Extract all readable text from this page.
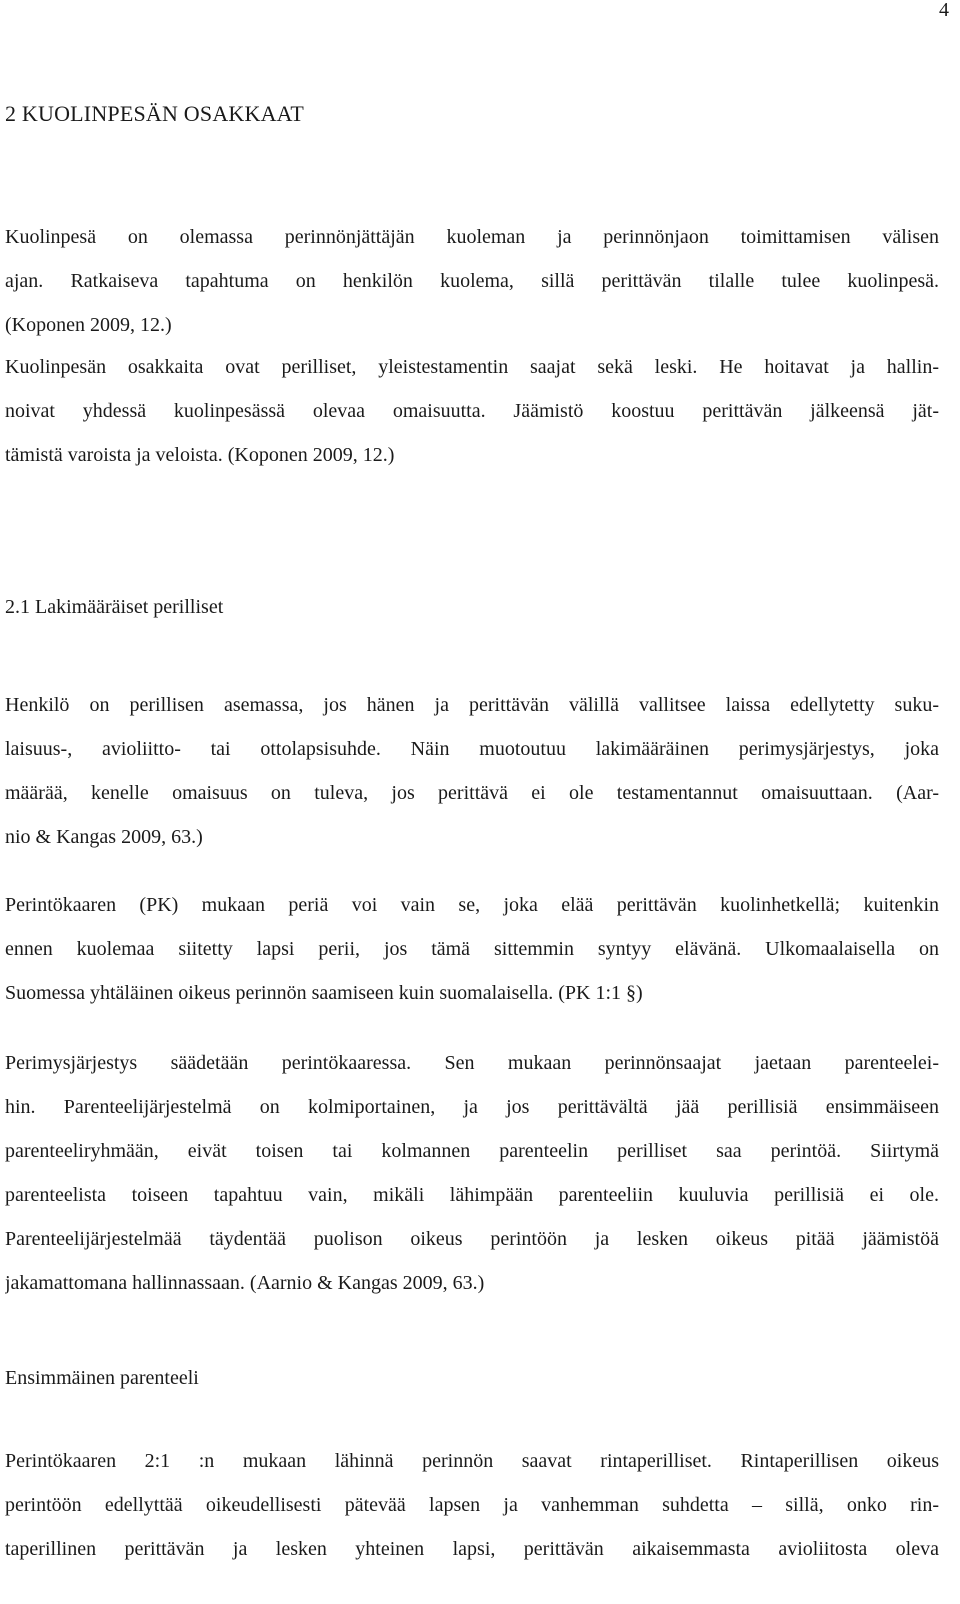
4
2 KUOLINPESÄN OSAKKAAT

Kuolinpesä on olemassa perinnönjättäjän kuoleman ja perinnönjaon toimittamisen välisen
ajan. Ratkaiseva tapahtuma on henkilön kuolema, sillä perittävän tilalle tulee kuolinpesä.
(Koponen 2009, 12.)

Kuolinpesän osakkaita ovat perilliset, yleistestamentin saajat sekä leski. He hoitavat ja hallin-
noivat yhdessä kuolinpesässä olevaa omaisuutta. Jäämistö koostuu perittävän jälkeensä jät-
tämistä varoista ja veloista. (Koponen 2009, 12.)

2.1 Lakimääräiset perilliset

Henkilö on perillisen asemassa, jos hänen ja perittävän välillä vallitsee laissa edellytetty suku-
laisuus-, avioliitto- tai ottolapsisuhde. Näin muotoutuu lakimääräinen perimysjärjestys, joka
määrää, kenelle omaisuus on tuleva, jos perittävä ei ole testamentannut omaisuuttaan. (Aar-
nio & Kangas 2009, 63.)

Perintökaaren (PK) mukaan periä voi vain se, joka elää perittävän kuolinhetkellä; kuitenkin
ennen kuolemaa siitetty lapsi perii, jos tämä sittemmin syntyy elävänä. Ulkomaalaisella on
Suomessa yhtäläinen oikeus perinnön saamiseen kuin suomalaisella. (PK 1:1 §)

Perimysjärjestys säädetään perintökaaressa. Sen mukaan perinnönsaajat jaetaan parenteelei-
hin. Parenteelijärjestelmä on kolmiportainen, ja jos perittävältä jää perillisiä ensimmäiseen
parenteeliryhmään, eivät toisen tai kolmannen parenteelin perilliset saa perintöä. Siirtymä
parenteelista toiseen tapahtuu vain, mikäli lähimpään parenteeliin kuuluvia perillisiä ei ole.
Parenteelijärjestelmää täydentää puolison oikeus perintöön ja lesken oikeus pitää jäämistöä
jakamattomana hallinnassaan. (Aarnio & Kangas 2009, 63.)

Ensimmäinen parenteeli

Perintökaaren 2:1 :n mukaan lähinnä perinnön saavat rintaperilliset. Rintaperillisen oikeus
perintöön edellyttää oikeudellisesti pätevää lapsen ja vanhemman suhdetta – sillä, onko rin-
taperillinen perittävän ja lesken yhteinen lapsi, perittävän aikaisemmasta avioliitosta oleva
